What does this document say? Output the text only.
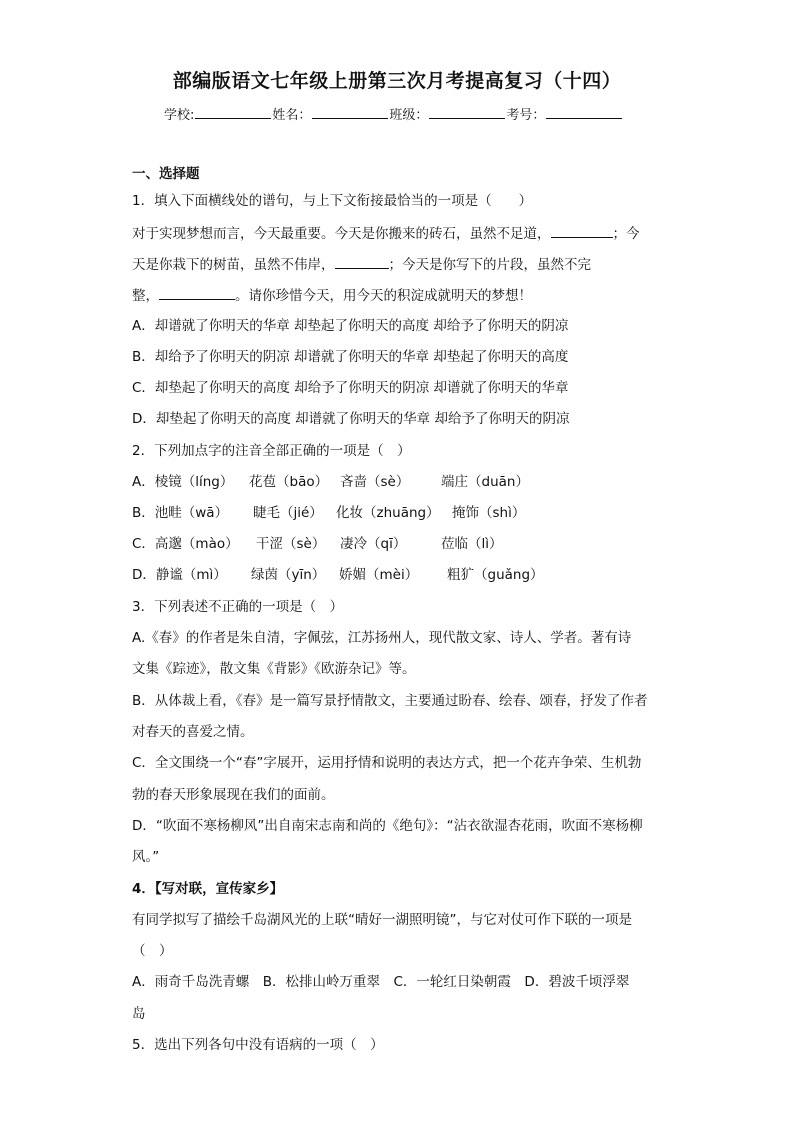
部编版语文七年级上册第三次月考提高复习（十四）
学校:	姓名：	班级：	考号：
一、选择题
1．填入下面横线处的谱句，与上下文衔接最恰当的一项是（　　）
对于实现梦想而言，今天最重要。今天是你搬来的砖石，虽然不足道，	；今
天是你栽下的树苗，虽然不伟岸，	；今天是你写下的片段，虽然不完
整，	。请你珍惜今天，用今天的积淀成就明天的梦想！
A．却谱就了你明天的华章 却垫起了你明天的高度 却给予了你明天的阴凉
B．却给予了你明天的阴凉 却谱就了你明天的华章 却垫起了你明天的高度
C．却垫起了你明天的高度 却给予了你明天的阴凉 却谱就了你明天的华章
D．却垫起了你明天的高度 却谱就了你明天的华章 却给予了你明天的阴凉
2．下列加点字的注音全部正确的一项是（　）
A．棱镜（líng） 花苞（bāo） 吝啬（sè） 端庄（duān）
B．池畦（wā） 睫毛（jié） 化妆（zhuāng） 掩饰（shì）
C．高邈（mào） 干涩（sè） 凄冷（qī）	莅临（lì）
D．静谧（mì） 绿茵（yīn） 娇媚（mèi） 粗犷（guǎng）
3．下列表述不正确的一项是（　）
A.《春》的作者是朱自清，字佩弦，江苏扬州人，现代散文家、诗人、学者。著有诗
文集《踪迹》，散文集《背影》《欧游杂记》等。
B．从体裁上看，《春》是一篇写景抒情散文，主要通过盼春、绘春、颂春，抒发了作者
对春天的喜爱之情。
C．全文围绕一个“春”字展开，运用抒情和说明的表达方式，把一个花卉争荣、生机勃
勃的春天形象展现在我们的面前。
D．“吹面不寒杨柳风”出自南宋志南和尚的《绝句》：“沾衣欲湿杏花雨，吹面不寒杨柳
风。”
4．【写对联，宣传家乡】
有同学拟写了描绘千岛湖风光的上联“晴好一湖照明镜”，与它对仗可作下联的一项是
（　）
A．雨奇千岛洗青螺　B．松排山岭万重翠　C．一轮红日染朝霞　D．碧波千顷浮翠
岛
5．选出下列各句中没有语病的一项（　）
